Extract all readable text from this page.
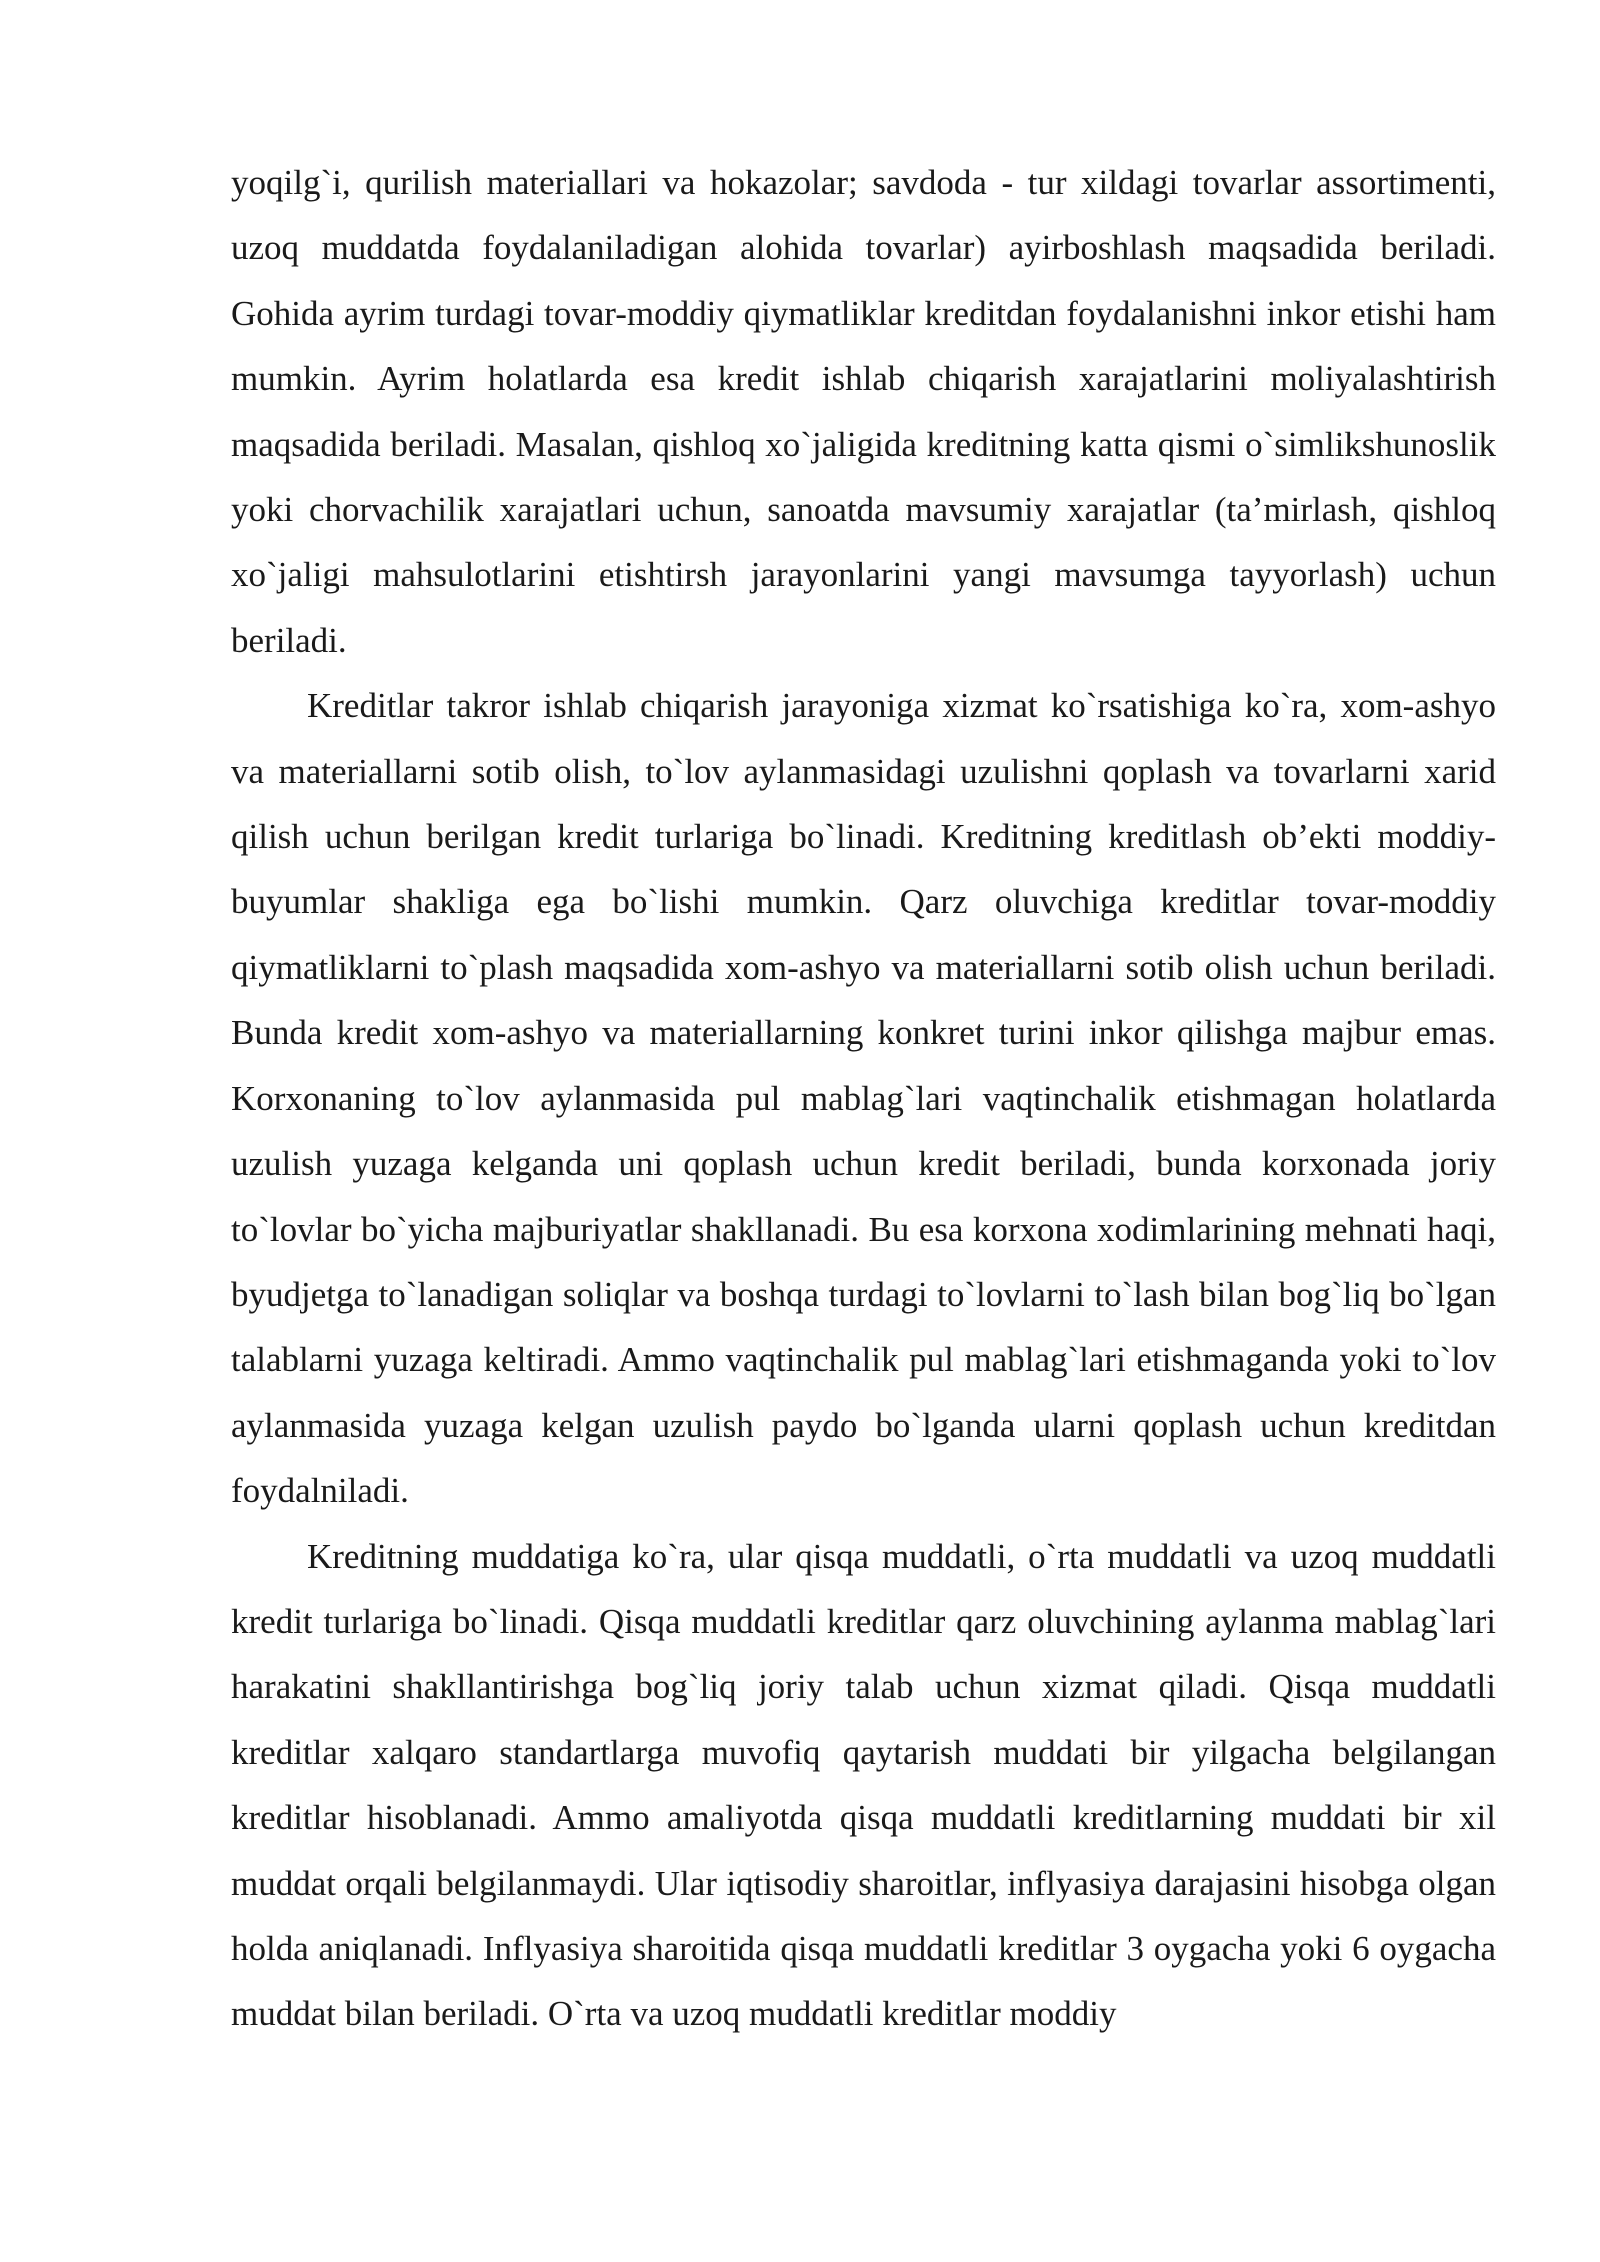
yoqilg`i, qurilish materiallari va hokazolar; savdoda - tur xildagi tovarlar assortimenti, uzoq muddatda foydalaniladigan alohida tovarlar) ayirboshlash maqsadida beriladi. Gohida ayrim turdagi tovar-moddiy qiymatliklar kreditdan foydalanishni inkor etishi ham mumkin. Ayrim holatlarda esa kredit ishlab chiqarish xarajatlarini moliyalashtirish maqsadida beriladi. Masalan, qishloq xo`jaligida kreditning katta qismi o`simlikshunoslik yoki chorvachilik xarajatlari uchun, sanoatda mavsumiy xarajatlar (ta’mirlash, qishloq xo`jaligi mahsulotlarini etishtirsh jarayonlarini yangi mavsumga tayyorlash) uchun beriladi.

Kreditlar takror ishlab chiqarish jarayoniga xizmat ko`rsatishiga ko`ra, xom-ashyo va materiallarni sotib olish, to`lov aylanmasidagi uzulishni qoplash va tovarlarni xarid qilish uchun berilgan kredit turlariga bo`linadi. Kreditning kreditlash ob’ekti moddiy-buyumlar shakliga ega bo`lishi mumkin. Qarz oluvchiga kreditlar tovar-moddiy qiymatliklarni to`plash maqsadida xom-ashyo va materiallarni sotib olish uchun beriladi. Bunda kredit xom-ashyo va materiallarning konkret turini inkor qilishga majbur emas. Korxonaning to`lov aylanmasida pul mablag`lari vaqtinchalik etishmagan holatlarda uzulish yuzaga kelganda uni qoplash uchun kredit beriladi, bunda korxonada joriy to`lovlar bo`yicha majburiyatlar shakllanadi. Bu esa korxona xodimlarining mehnati haqi, byudjetga to`lanadigan soliqlar va boshqa turdagi to`lovlarni to`lash bilan bog`liq bo`lgan talablarni yuzaga keltiradi. Ammo vaqtinchalik pul mablag`lari etishmaganda yoki to`lov aylanmasida yuzaga kelgan uzulish paydo bo`lganda ularni qoplash uchun kreditdan foydalniladi.

Kreditning muddatiga ko`ra, ular qisqa muddatli, o`rta muddatli va uzoq muddatli kredit turlariga bo`linadi. Qisqa muddatli kreditlar qarz oluvchining aylanma mablag`lari harakatini shakllantirishga bog`liq joriy talab uchun xizmat qiladi. Qisqa muddatli kreditlar xalqaro standartlarga muvofiq qaytarish muddati bir yilgacha belgilangan kreditlar hisoblanadi. Ammo amaliyotda qisqa muddatli kreditlarning muddati bir xil muddat orqali belgilanmaydi. Ular iqtisodiy sharoitlar, inflyasiya darajasini hisobga olgan holda aniqlanadi. Inflyasiya sharoitida qisqa muddatli kreditlar 3 oygacha yoki 6 oygacha muddat bilan beriladi. O`rta va uzoq muddatli kreditlar moddiy
